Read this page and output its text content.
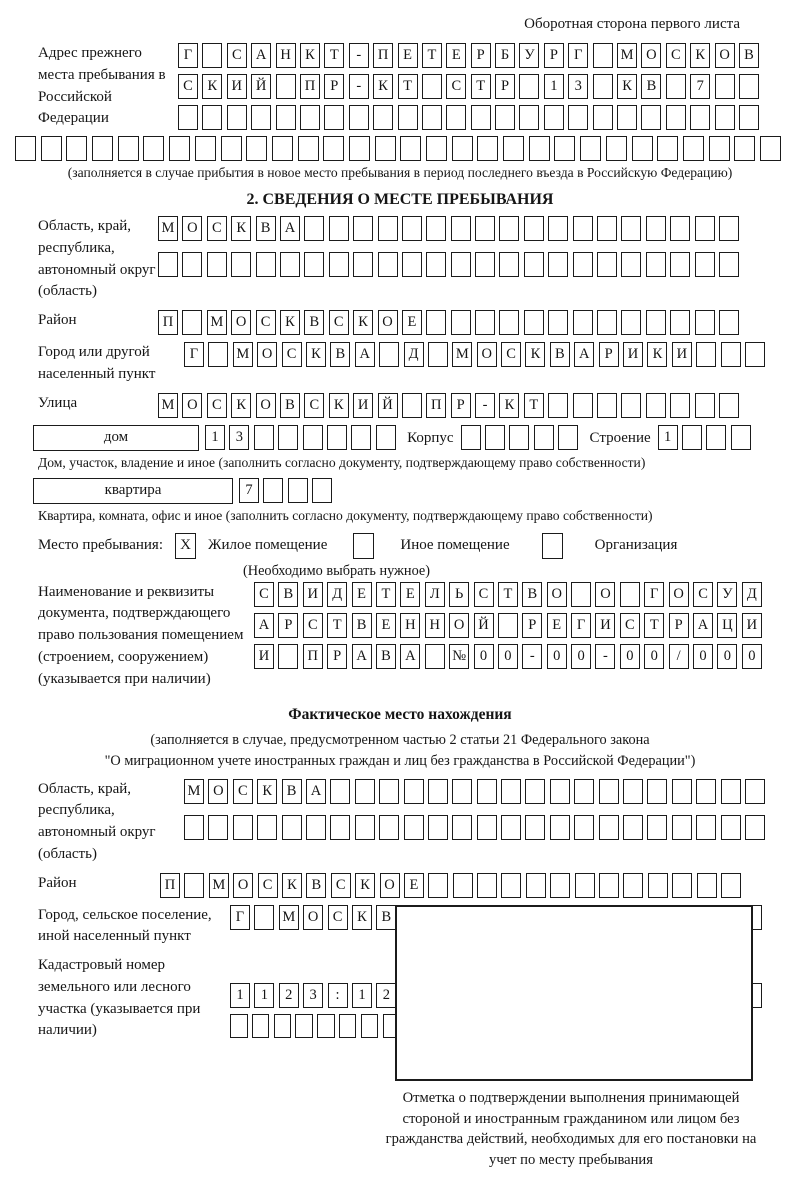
Оборотная сторона первого листа
Адрес прежнего места пребывания в Российской Федерации
Г	С А Н К	Т	-	П	Е	Т	Е	Р	Б	У	Р	Г	М О С	К О В
С	К И Й	П	Р	-	К	Т	С	Т	Р	1	3	К	В	7
(заполняется в случае прибытия в новое место пребывания в период последнего въезда в Российскую Федерацию)
2. СВЕДЕНИЯ О МЕСТЕ ПРЕБЫВАНИЯ
Область, край, республика, автономный округ (область)
М О С	К	В А
Район	П	М О С	К	В	С	К О	Е
Город или другой населенный пункт
Г	М О С	К	В А	Д	М О С	К	В А	Р	И К И
Улица	М О С	К О В	С	К И Й	П	Р	-	К	Т
дом	1	3	Корпус	Строение 1
Дом, участок, владение и иное (заполнить согласно документу, подтверждающему право собственности)
квартира	7
Квартира, комната, офис и иное (заполнить согласно документу, подтверждающему право собственности)
Место пребывания:	X	Жилое помещение	Иное помещение	Организация
(Необходимо выбрать нужное)
Наименование и реквизиты документа, подтверждающего право пользования помещением (строением, сооружением) (указывается при наличии)
С	В И Д	Е	Т	Е	Л	Ь	С	Т	В О	О	Г	О С У Д
А	Р	С	Т	В	Е	Н Н О Й	Р	Е	Г	И С	Т	Р	А Ц И
И	П	Р	А В А	№ 0	0	-	0	0	-	0	0	/	0	0	0
Фактическое место нахождения
(заполняется в случае, предусмотренном частью 2 статьи 21 Федерального закона
"О миграционном учете иностранных граждан и лиц без гражданства в Российской Федерации")
Область, край, республика, автономный округ (область)
М О С	К	В А
Район	П	М О С	К	В	С	К О	Е
Город, сельское поселение, иной населенный пункт
Г	М О С	К	В
Кадастровый номер земельного или лесного участка (указывается при наличии)
1	1	2	3	:	1	2
Отметка о подтверждении выполнения принимающей стороной и иностранным гражданином или лицом без гражданства действий, необходимых для его постановки на учет по месту пребывания
